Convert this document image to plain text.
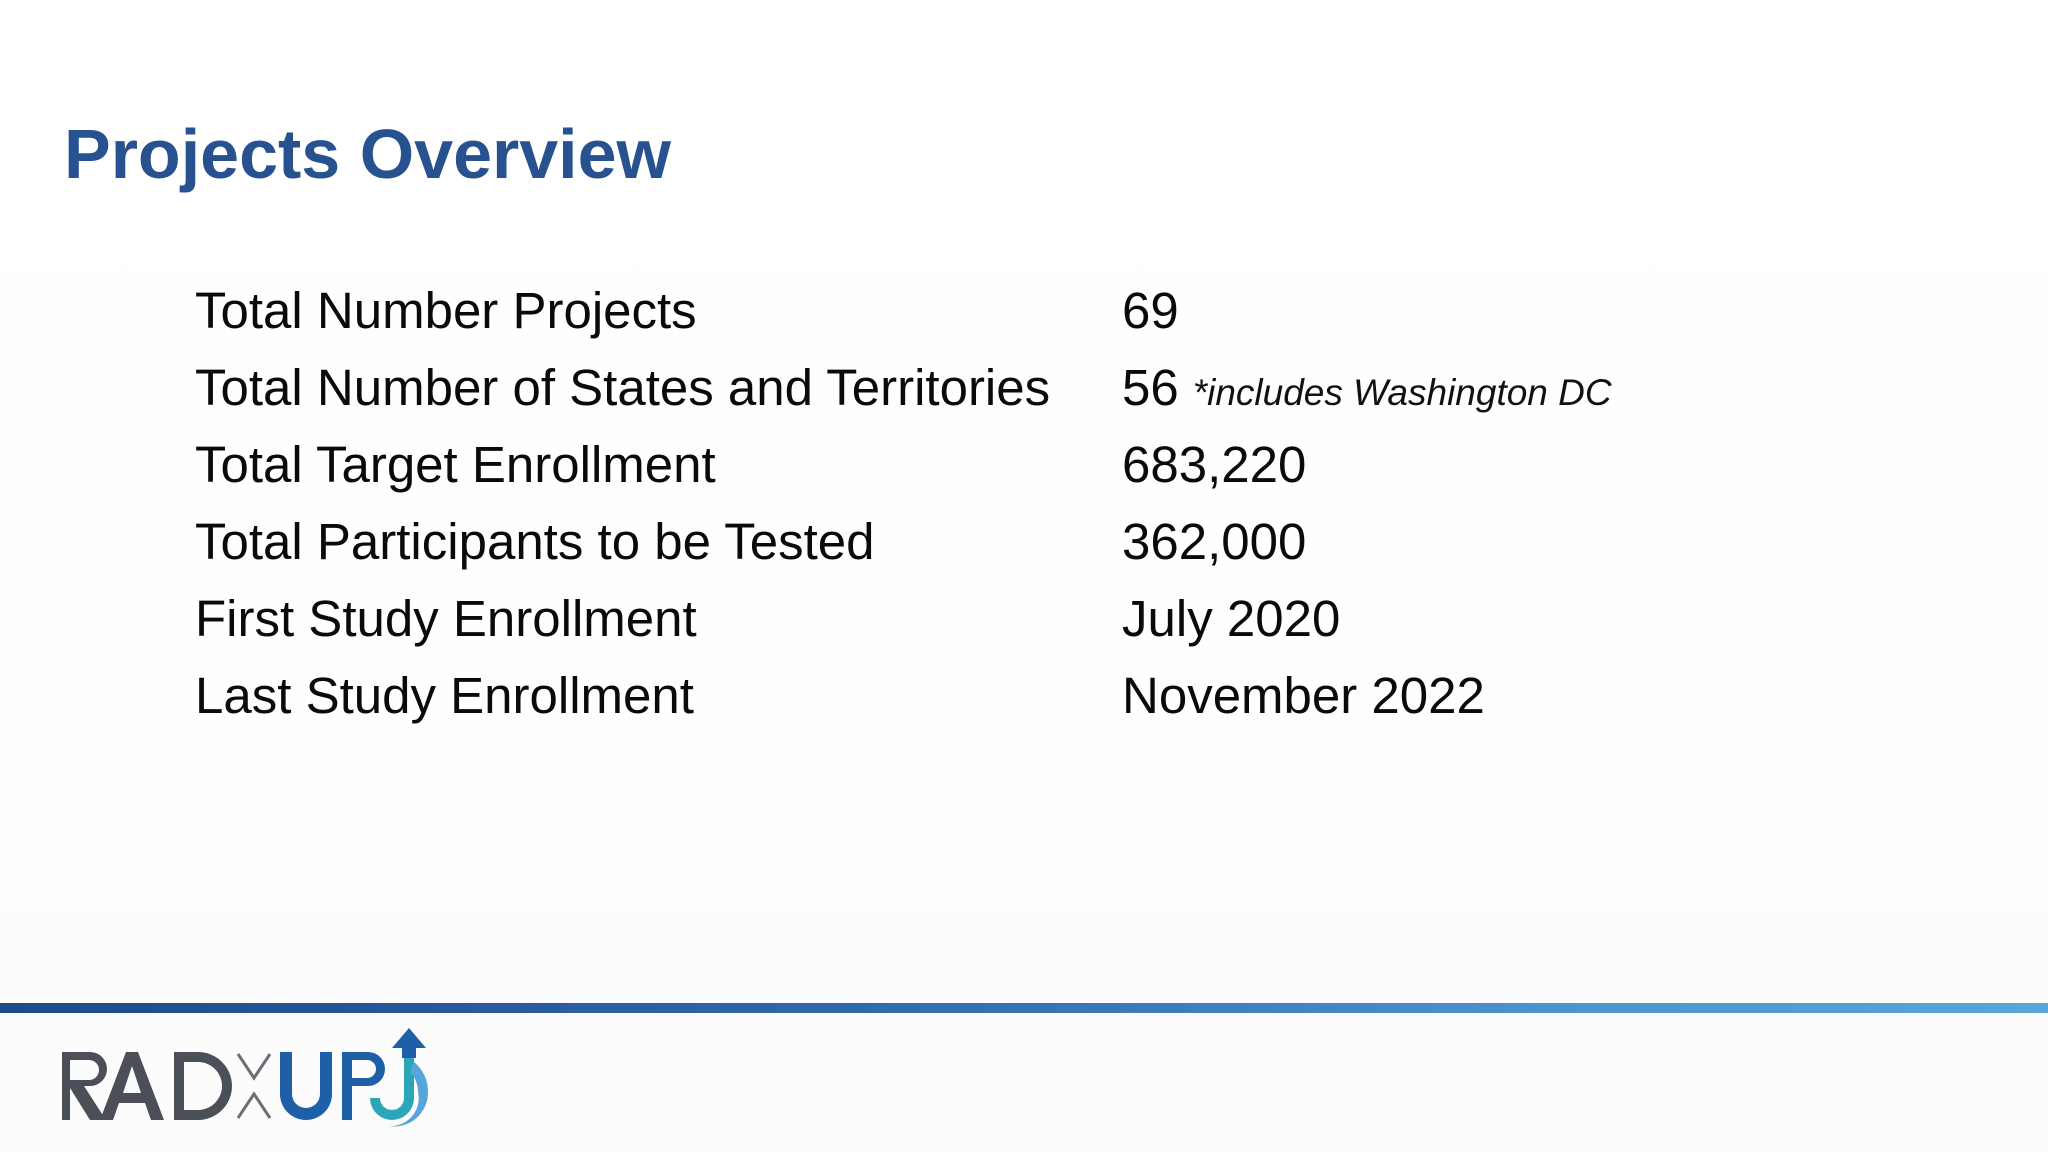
Projects Overview
Total Number Projects	69
Total Number of States and Territories	56 *includes Washington DC
Total Target Enrollment	683,220
Total Participants to be Tested	362,000
First Study Enrollment	July 2020
Last Study Enrollment	November 2022
